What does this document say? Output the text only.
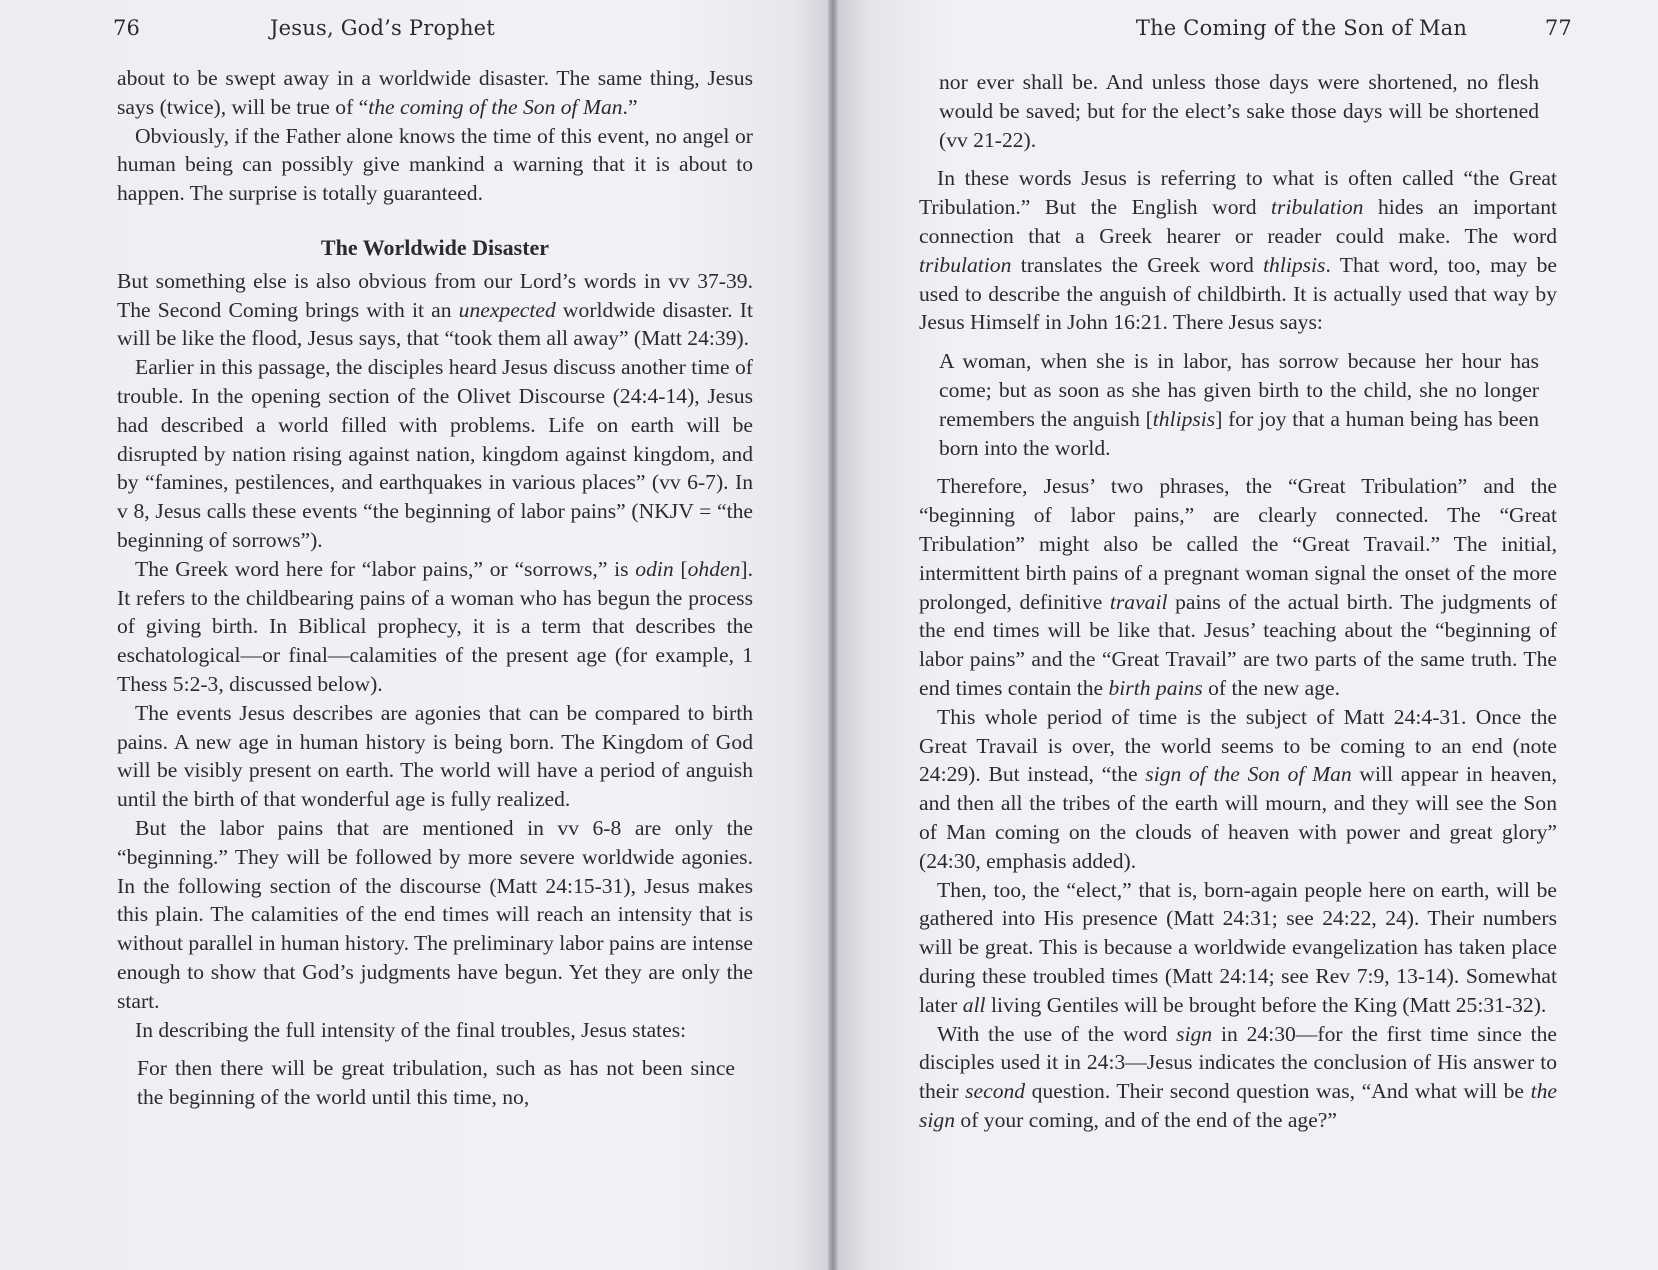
76	Jesus, God’s Prophet

about to be swept away in a worldwide disaster. The same thing, Jesus says (twice), will be true of “the coming of the Son of Man.”

Obviously, if the Father alone knows the time of this event, no angel or human being can possibly give mankind a warning that it is about to happen. The surprise is totally guaranteed.

The Worldwide Disaster

But something else is also obvious from our Lord’s words in vv 37-39. The Second Coming brings with it an unexpected worldwide disaster. It will be like the flood, Jesus says, that “took them all away” (Matt 24:39).

Earlier in this passage, the disciples heard Jesus discuss another time of trouble. In the opening section of the Olivet Discourse (24:4-14), Jesus had described a world filled with problems. Life on earth will be disrupted by nation rising against nation, kingdom against kingdom, and by “famines, pestilences, and earthquakes in various places” (vv 6-7). In v 8, Jesus calls these events “the beginning of labor pains” (NKJV = “the beginning of sorrows”).

The Greek word here for “labor pains,” or “sorrows,” is odin [ohden]. It refers to the childbearing pains of a woman who has begun the process of giving birth. In Biblical prophecy, it is a term that describes the eschatological—or final—calamities of the present age (for example, 1 Thess 5:2-3, discussed below).

The events Jesus describes are agonies that can be compared to birth pains. A new age in human history is being born. The Kingdom of God will be visibly present on earth. The world will have a period of anguish until the birth of that wonderful age is fully realized.

But the labor pains that are mentioned in vv 6-8 are only the “beginning.” They will be followed by more severe worldwide agonies. In the following section of the discourse (Matt 24:15-31), Jesus makes this plain. The calamities of the end times will reach an intensity that is without parallel in human history. The preliminary labor pains are intense enough to show that God’s judgments have begun. Yet they are only the start.

In describing the full intensity of the final troubles, Jesus states:

For then there will be great tribulation, such as has not been since the beginning of the world until this time, no,

The Coming of the Son of Man	77

nor ever shall be. And unless those days were shortened, no flesh would be saved; but for the elect’s sake those days will be shortened (vv 21-22).

In these words Jesus is referring to what is often called “the Great Tribulation.” But the English word tribulation hides an important connection that a Greek hearer or reader could make. The word tribulation translates the Greek word thlipsis. That word, too, may be used to describe the anguish of childbirth. It is actually used that way by Jesus Himself in John 16:21. There Jesus says:

A woman, when she is in labor, has sorrow because her hour has come; but as soon as she has given birth to the child, she no longer remembers the anguish [thlipsis] for joy that a human being has been born into the world.

Therefore, Jesus’ two phrases, the “Great Tribulation” and the “beginning of labor pains,” are clearly connected. The “Great Tribulation” might also be called the “Great Travail.” The initial, intermittent birth pains of a pregnant woman signal the onset of the more prolonged, definitive travail pains of the actual birth. The judgments of the end times will be like that. Jesus’ teaching about the “beginning of labor pains” and the “Great Travail” are two parts of the same truth. The end times contain the birth pains of the new age.

This whole period of time is the subject of Matt 24:4-31. Once the Great Travail is over, the world seems to be coming to an end (note 24:29). But instead, “the sign of the Son of Man will appear in heaven, and then all the tribes of the earth will mourn, and they will see the Son of Man coming on the clouds of heaven with power and great glory” (24:30, emphasis added).

Then, too, the “elect,” that is, born-again people here on earth, will be gathered into His presence (Matt 24:31; see 24:22, 24). Their numbers will be great. This is because a worldwide evangelization has taken place during these troubled times (Matt 24:14; see Rev 7:9, 13-14). Somewhat later all living Gentiles will be brought before the King (Matt 25:31-32).

With the use of the word sign in 24:30—for the first time since the disciples used it in 24:3—Jesus indicates the conclusion of His answer to their second question. Their second question was, “And what will be the sign of your coming, and of the end of the age?”
